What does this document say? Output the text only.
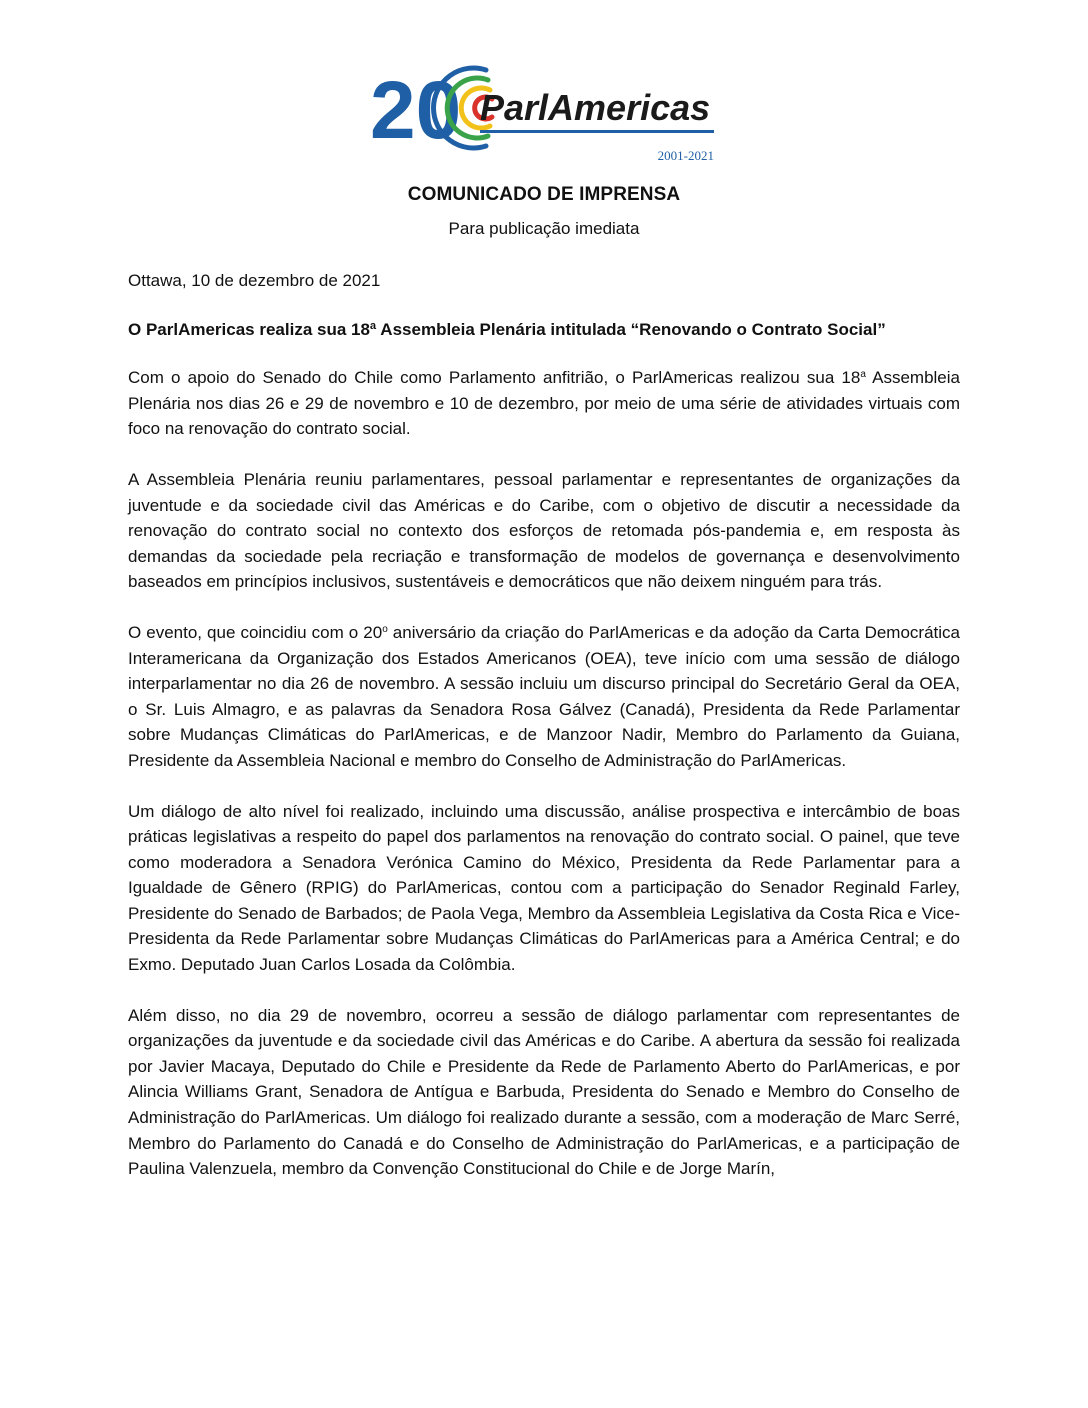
20 ParlAmericas
2001-2021
COMUNICADO DE IMPRENSA
Para publicação imediata

Ottawa, 10 de dezembro de 2021

O ParlAmericas realiza sua 18ª Assembleia Plenária intitulada “Renovando o Contrato Social”

Com o apoio do Senado do Chile como Parlamento anfitrião, o ParlAmericas realizou sua 18$^a$ Assembleia Plenária nos dias 26 e 29 de novembro e 10 de dezembro, por meio de uma série de atividades virtuais com foco na renovação do contrato social.

A Assembleia Plenária reuniu parlamentares, pessoal parlamentar e representantes de organizações da juventude e da sociedade civil das Américas e do Caribe, com o objetivo de discutir a necessidade da renovação do contrato social no contexto dos esforços de retomada pós-pandemia e, em resposta às demandas da sociedade pela recriação e transformação de modelos de governança e desenvolvimento baseados em princípios inclusivos, sustentáveis e democráticos que não deixem ninguém para trás.

O evento, que coincidiu com o 20$^o$ aniversário da criação do ParlAmericas e da adoção da Carta Democrática Interamericana da Organização dos Estados Americanos (OEA), teve início com uma sessão de diálogo interparlamentar no dia 26 de novembro. A sessão incluiu um discurso principal do Secretário Geral da OEA, o Sr. Luis Almagro, e as palavras da Senadora Rosa Gálvez (Canadá), Presidenta da Rede Parlamentar sobre Mudanças Climáticas do ParlAmericas, e de Manzoor Nadir, Membro do Parlamento da Guiana, Presidente da Assembleia Nacional e membro do Conselho de Administração do ParlAmericas.

Um diálogo de alto nível foi realizado, incluindo uma discussão, análise prospectiva e intercâmbio de boas práticas legislativas a respeito do papel dos parlamentos na renovação do contrato social. O painel, que teve como moderadora a Senadora Verónica Camino do México, Presidenta da Rede Parlamentar para a Igualdade de Gênero (RPIG) do ParlAmericas, contou com a participação do Senador Reginald Farley, Presidente do Senado de Barbados; de Paola Vega, Membro da Assembleia Legislativa da Costa Rica e Vice-Presidenta da Rede Parlamentar sobre Mudanças Climáticas do ParlAmericas para a América Central; e do Exmo. Deputado Juan Carlos Losada da Colômbia.

Além disso, no dia 29 de novembro, ocorreu a sessão de diálogo parlamentar com representantes de organizações da juventude e da sociedade civil das Américas e do Caribe. A abertura da sessão foi realizada por Javier Macaya, Deputado do Chile e Presidente da Rede de Parlamento Aberto do ParlAmericas, e por Alincia Williams Grant, Senadora de Antígua e Barbuda, Presidenta do Senado e Membro do Conselho de Administração do ParlAmericas. Um diálogo foi realizado durante a sessão, com a moderação de Marc Serré, Membro do Parlamento do Canadá e do Conselho de Administração do ParlAmericas, e a participação de Paulina Valenzuela, membro da Convenção Constitucional do Chile e de Jorge Marín,
